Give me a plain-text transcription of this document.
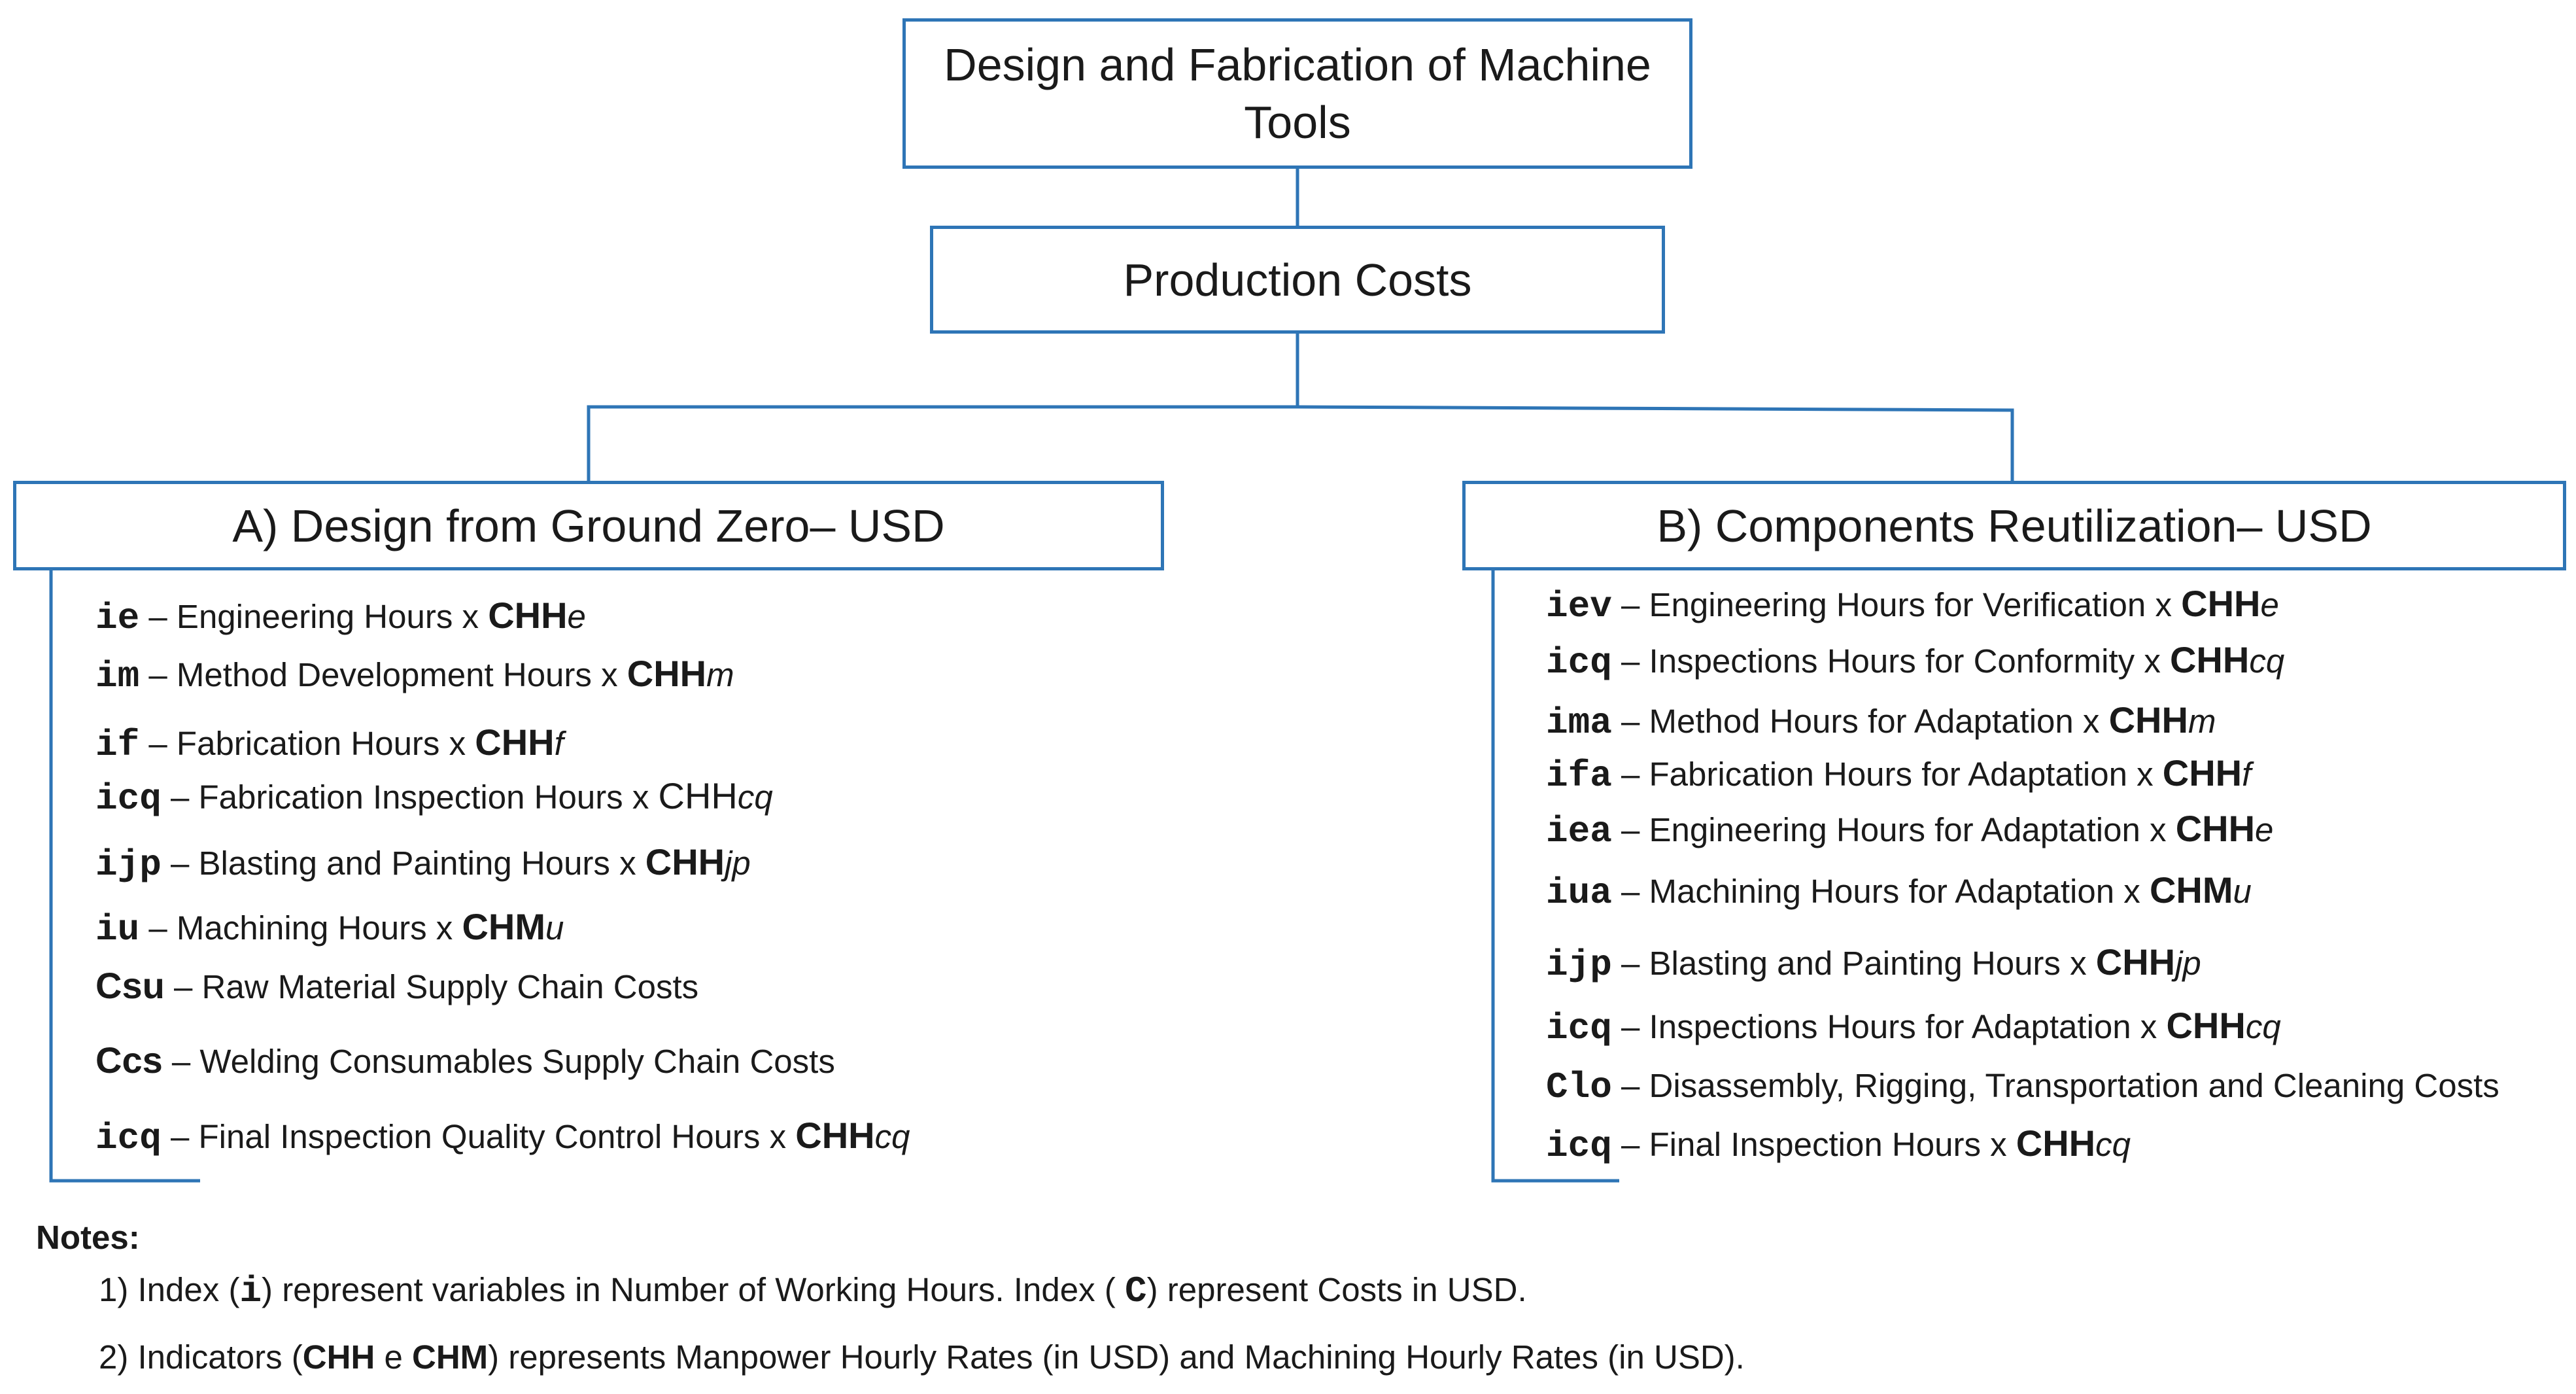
Design and Fabrication of Machine Tools
Production Costs
A) Design from Ground Zero– USD	B) Components Reutilization– USD
ie – Engineering Hours x CHHe
im – Method Development Hours x CHHm
if – Fabrication Hours x CHHf
icq – Fabrication Inspection Hours x CHHcq
ijp – Blasting and Painting Hours x CHHjp
iu – Machining Hours x CHMu
Csu – Raw Material Supply Chain Costs
Ccs – Welding Consumables Supply Chain Costs
icq – Final Inspection Quality Control Hours x CHHcq
iev – Engineering Hours for Verification x CHHe
icq – Inspections Hours for Conformity x CHHcq
ima – Method Hours for Adaptation x CHHm
ifa – Fabrication Hours for Adaptation x CHHf
iea – Engineering Hours for Adaptation x CHHe
iua – Machining Hours for Adaptation x CHMu
ijp – Blasting and Painting Hours x CHHjp
icq – Inspections Hours for Adaptation x CHHcq
Clo – Disassembly, Rigging, Transportation and Cleaning Costs
icq – Final Inspection Hours x CHHcq
Notes:
1) Index (i) represent variables in Number of Working Hours. Index ( C) represent Costs in USD.
2) Indicators (CHH e CHM) represents Manpower Hourly Rates (in USD) and Machining Hourly Rates (in USD).
